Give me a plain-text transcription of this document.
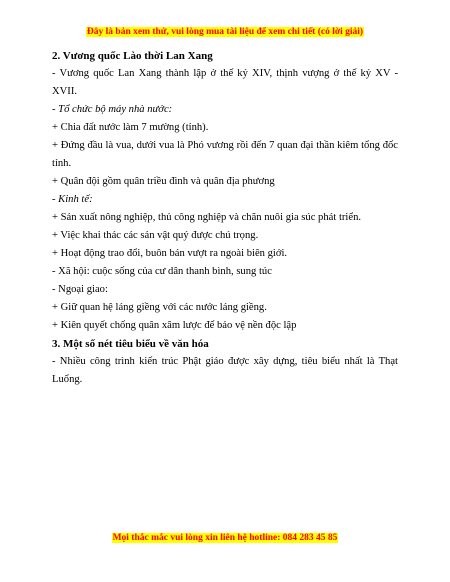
Đây là bản xem thử, vui lòng mua tài liệu để xem chi tiết (có lời giải)
2. Vương quốc Lào thời Lan Xang
- Vương quốc Lan Xang thành lập ở thế kỷ XIV, thịnh vượng ở thế kỷ XV - XVII.
- Tổ chức bộ máy nhà nước:
+ Chia đất nước làm 7 mường (tỉnh).
+ Đứng đầu là vua, dưới vua là Phó vương rồi đến 7 quan đại thần kiêm tổng đốc tỉnh.
+ Quân đội gồm quân triều đình và quân địa phương
- Kinh tế:
+ Sản xuất nông nghiệp, thủ công nghiệp và chăn nuôi gia súc phát triển.
+ Việc khai thác các sản vật quý được chú trọng.
+ Hoạt động trao đổi, buôn bán vượt ra ngoài biên giới.
- Xã hội: cuộc sống của cư dân thanh bình, sung túc
- Ngoại giao:
+ Giữ quan hệ láng giềng với các nước láng giềng.
+ Kiên quyết chống quân xâm lược để bảo vệ nền độc lập
3. Một số nét tiêu biểu về văn hóa
- Nhiều công trình kiến trúc Phật giáo được xây dựng, tiêu biểu nhất là Thạt Luổng.
Mọi thắc mắc vui lòng xin liên hệ hotline: 084 283 45 85
